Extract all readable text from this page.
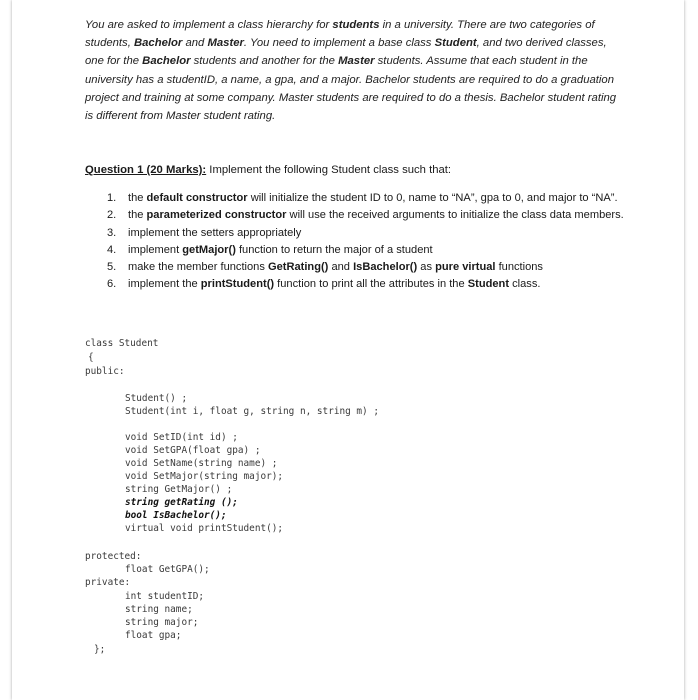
You are asked to implement a class hierarchy for students in a university. There are two categories of students, Bachelor and Master. You need to implement a base class Student, and two derived classes, one for the Bachelor students and another for the Master students. Assume that each student in the university has a studentID, a name, a gpa, and a major. Bachelor students are required to do a graduation project and training at some company. Master students are required to do a thesis. Bachelor student rating is different from Master student rating.
Question 1 (20 Marks): Implement the following Student class such that:
1. the default constructor will initialize the student ID to 0, name to “NA”, gpa to 0, and major to “NA”.
2. the parameterized constructor will use the received arguments to initialize the class data members.
3. implement the setters appropriately
4. implement getMajor() function to return the major of a student
5. make the member functions GetRating() and IsBachelor() as pure virtual functions
6. implement the printStudent() function to print all the attributes in the Student class.

class Student

{

public:

Student() ;

Student(int i, float g, string n, string m) ;

void SetID(int id) ;

void SetGPA(float gpa) ;

void SetName(string name) ;

void SetMajor(string major);

string GetMajor() ;

string getRating ();

bool IsBachelor();

virtual void printStudent();

protected:

float GetGPA();

private:

int studentID;

string name;

string major;

float gpa;

};
